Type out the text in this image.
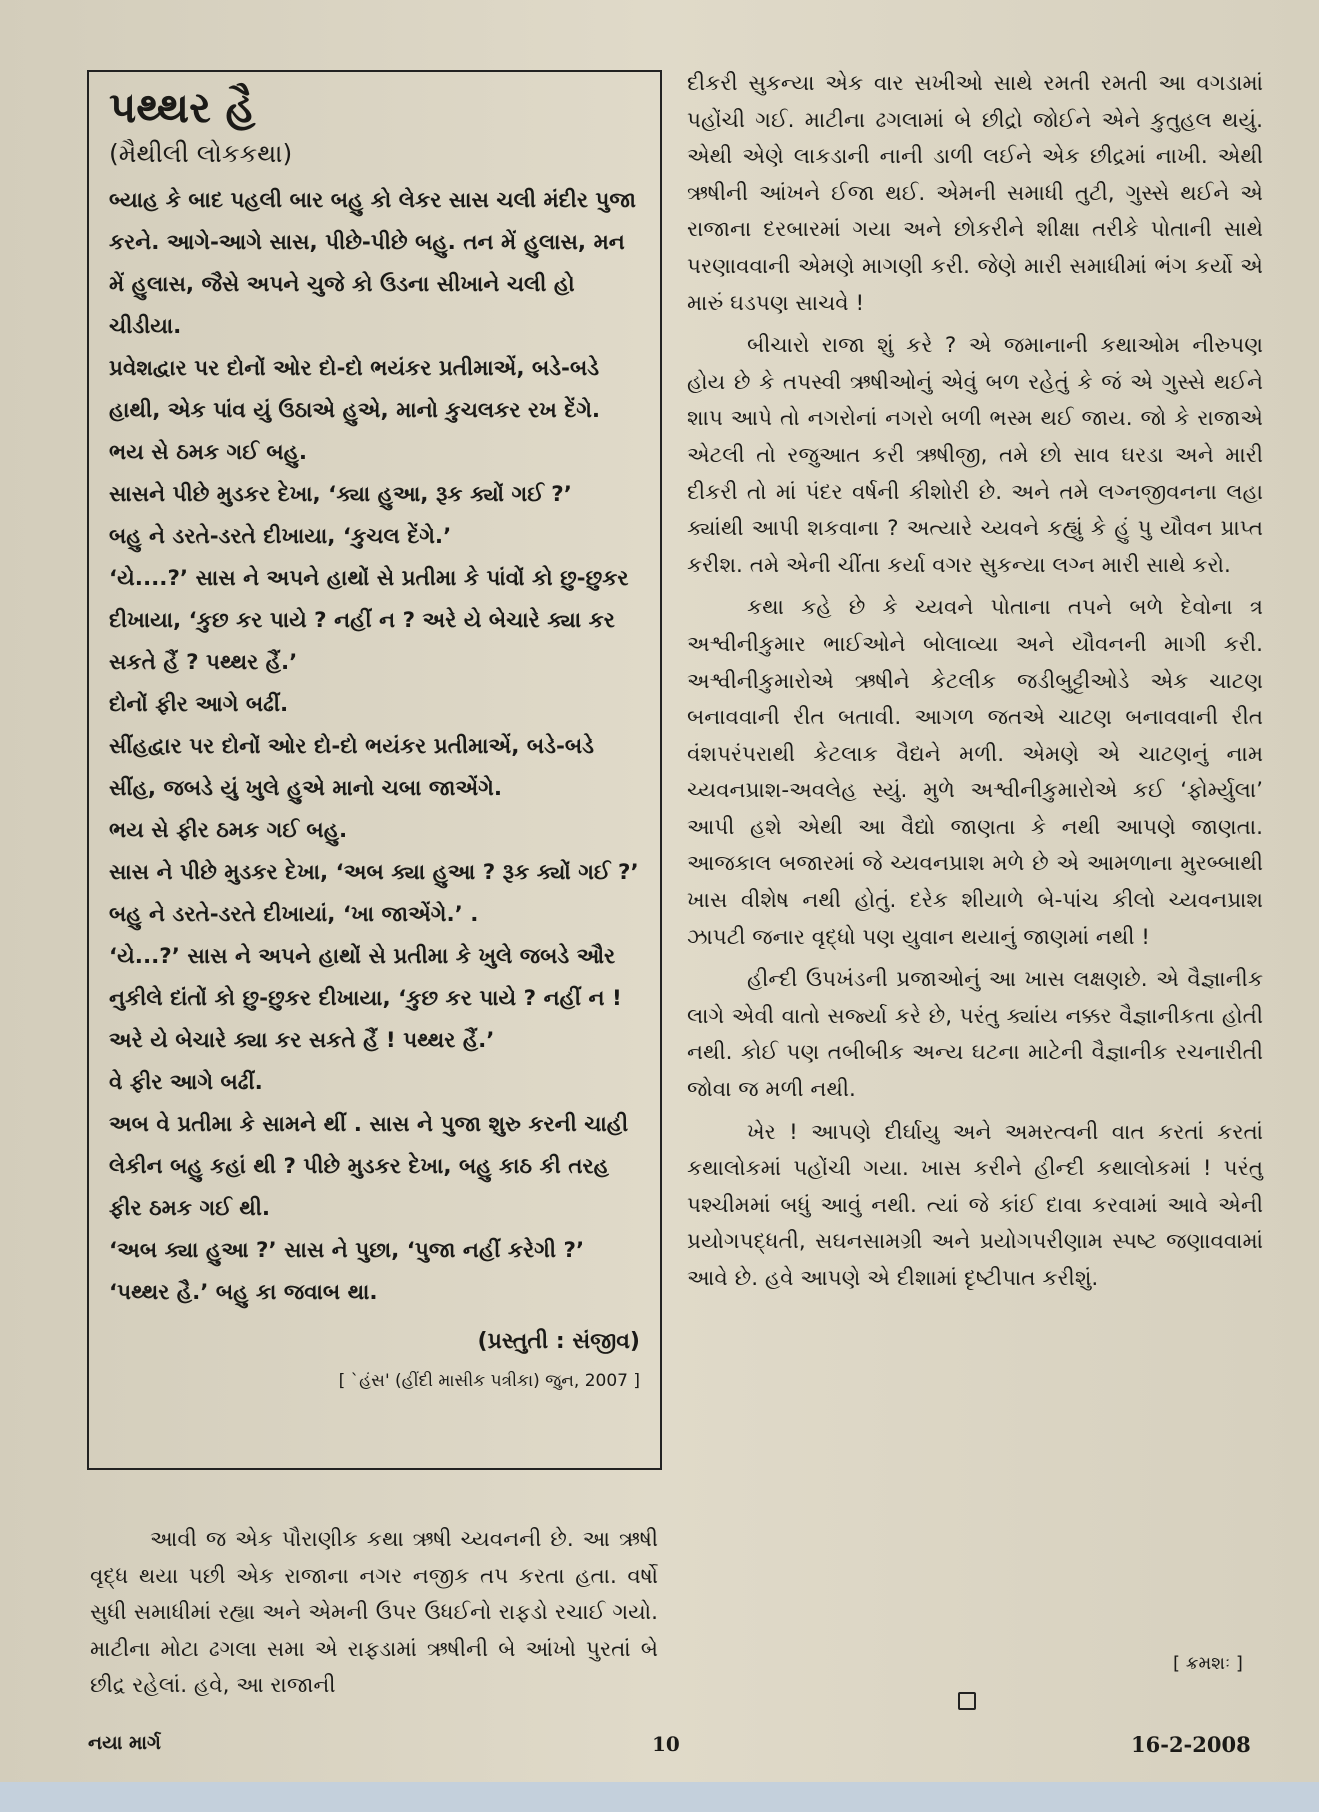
પથ્થર હૈ
(મૈથીલી લોકકથા)

બ્યાહ કે બાદ પહલી બાર બહુ કો લેકર સાસ ચલી મંદીર પુજા કરને. આગે-આગે સાસ, પીછે-પીછે બહુ. તન મેં હુલાસ, મન મેં હુલાસ, જૈસે અપને ચુજે કો ઉડના સીખાને ચલી હો ચીડીયા.

પ્રવેશદ્વાર પર દોનોં ઓર દો-દો ભયંકર પ્રતીમાએં, બડે-બડે હાથી, એક પાંવ યું ઉઠાએ હુએ, માનો કુચલકર રખ દેંગે.

ભય સે ઠમક ગઈ બહુ.

સાસને પીછે મુડકર દેખા, ‘ક્યા હુઆ, રૂક ક્યોં ગઈ ?’

બહુ ને ડરતે-ડરતે દીખાયા, ‘કુચલ દેંગે.’

‘યે....?’ સાસ ને અપને હાથોં સે પ્રતીમા કે પાંવોં કો છુ-છુકર દીખાયા, ‘કુછ કર પાયે ? નહીં ન ? અરે યે બેચારે ક્યા કર સકતે હૈં ? પથ્થર હૈં.’

દોનોં ફીર આગે બઢીં.

સીંહદ્વાર પર દોનોં ઓર દો-દો ભયંકર પ્રતીમાએં, બડે-બડે સીંહ, જબડે યું ખુલે હુએ માનો ચબા જાએંગે.

ભય સે ફીર ઠમક ગઈ બહુ.

સાસ ને પીછે મુડકર દેખા, ‘અબ ક્યા હુઆ ? રૂક ક્યોં ગઈ ?’

બહુ ને ડરતે-ડરતે દીખાયાં, ‘ખા જાએંગે.’ .

‘યે...?’ સાસ ને અપને હાથોં સે પ્રતીમા કે ખુલે જબડે ઔર નુકીલે દાંતોં કો છુ-છુકર દીખાયા, ‘કુછ કર પાયે ? નહીં ન ! અરે યે બેચારે ક્યા કર સકતે હૈં ! પથ્થર હૈં.’

વે ફીર આગે બઢીં.

અબ વે પ્રતીમા કે સામને થીં . સાસ ને પુજા શુરુ કરની ચાહી લેકીન બહુ કહાં થી ? પીછે મુડકર દેખા, બહુ કાઠ કી તરહ ફીર ઠમક ગઈ થી.

‘અબ ક્યા હુઆ ?’ સાસ ને પુછા, ‘પુજા નહીં કરેગી ?’

‘પથ્થર હૈ.’ બહુ કા જવાબ થા.

(પ્રસ્તુતી : સંજીવ)
[ `હંસ' (હીંદી માસીક પત્રીકા) જુન, 2007 ]

આવી જ એક પૌરાણીક કથા ઋષી ચ્યવનની છે. આ ઋષી વૃદ્ધ થયા પછી એક રાજાના નગર નજીક તપ કરતા હતા. વર્ષો સુધી સમાધીમાં રહ્યા અને એમની ઉપર ઉધઈનો રાફડો રચાઈ ગયો. માટીના મોટા ઢગલા સમા એ રાફડામાં ઋષીની બે આંખો પુરતાં બે છીદ્ર રહેલાં. હવે, આ રાજાની

દીકરી સુકન્યા એક વાર સખીઓ સાથે રમતી રમતી આ વગડામાં પહોંચી ગઈ. માટીના ઢગલામાં બે છીદ્રો જોઈને એને કુતુહલ થયું. એથી એણે લાકડાની નાની ડાળી લઈને એક છીદ્રમાં નાખી. એથી ઋષીની આંખને ઈજા થઈ. એમની સમાધી તુટી, ગુસ્સે થઈને એ રાજાના દરબારમાં ગયા અને છોકરીને શીક્ષા તરીકે પોતાની સાથે પરણાવવાની એમણે માગણી કરી. જેણે મારી સમાધીમાં ભંગ કર્યો એ મારું ઘડપણ સાચવે !

બીચારો રાજા શું કરે ? એ જમાનાની કથાઓમ નીરુપણ હોય છે કે તપસ્વી ઋષીઓનું એવું બળ રહેતું કે જં એ ગુસ્સે થઈને શાપ આપે તો નગરોનાં નગરો બળી ભસ્મ થઈ જાય. જો કે રાજાએ એટલી તો રજુઆત કરી ઋષીજી, તમે છો સાવ ઘરડા અને મારી દીકરી તો માં પંદર વર્ષની કીશોરી છે. અને તમે લગ્નજીવનના લહા ક્યાંથી આપી શકવાના ? અત્યારે ચ્યવને કહ્યું કે હું પુ યૌવન પ્રાપ્ત કરીશ. તમે એની ચીંતા કર્યા વગર સુકન્યા લગ્ન મારી સાથે કરો.

કથા કહે છે કે ચ્યવને પોતાના તપને બળે દેવોના ત્ર અશ્વીનીકુમાર ભાઈઓને બોલાવ્યા અને યૌવનની માગી કરી. અશ્વીનીકુમારોએ ઋષીને કેટલીક જડીબુટ્ટીઓડે એક ચાટણ બનાવવાની રીત બતાવી. આગળ જતએ ચાટણ બનાવવાની રીત વંશપરંપરાથી કેટલાક વૈદ્યને મળી. એમણે એ ચાટણનું નામ ચ્યવનપ્રાશ-અવલેહ સ્યું. મુળે અશ્વીનીકુમારોએ કઈ ‘ફોર્મ્યુલા’ આપી હશે એથી આ વૈદ્યો જાણતા કે નથી આપણે જાણતા. આજકાલ બજારમાં જે ચ્યવનપ્રાશ મળે છે એ આમળાના મુરબ્બાથી ખાસ વીશેષ નથી હોતું. દરેક શીયાળે બે-પાંચ કીલો ચ્યવનપ્રાશ ઝાપટી જનાર વૃદ્ધો પણ યુવાન થયાનું જાણમાં નથી !

હીન્દી ઉપખંડની પ્રજાઓનું આ ખાસ લક્ષણછે. એ વૈજ્ઞાનીક લાગે એવી વાતો સર્જ્યા કરે છે, પરંતુ ક્યાંય નક્કર વૈજ્ઞાનીકતા હોતી નથી. કોઈ પણ તબીબીક અન્ય ઘટના માટેની વૈજ્ઞાનીક રચનારીતી જોવા જ મળી નથી.

ખેર ! આપણે દીર્ઘાયુ અને અમરત્વની વાત કરતાં કરતાં કથાલોકમાં પહોંચી ગયા. ખાસ કરીને હીન્દી કથાલોકમાં ! પરંતુ પશ્ચીમમાં બધું આવું નથી. ત્યાં જે કાંઈ દાવા કરવામાં આવે એની પ્રયોગપદ્ધતી, સઘનસામગ્રી અને પ્રયોગપરીણામ સ્પષ્ટ જણાવવામાં આવે છે. હવે આપણે એ દીશામાં દૃષ્ટીપાત કરીશું.

[ ક્રમશઃ ]
નયા માર્ગ	10	16-2-2008
